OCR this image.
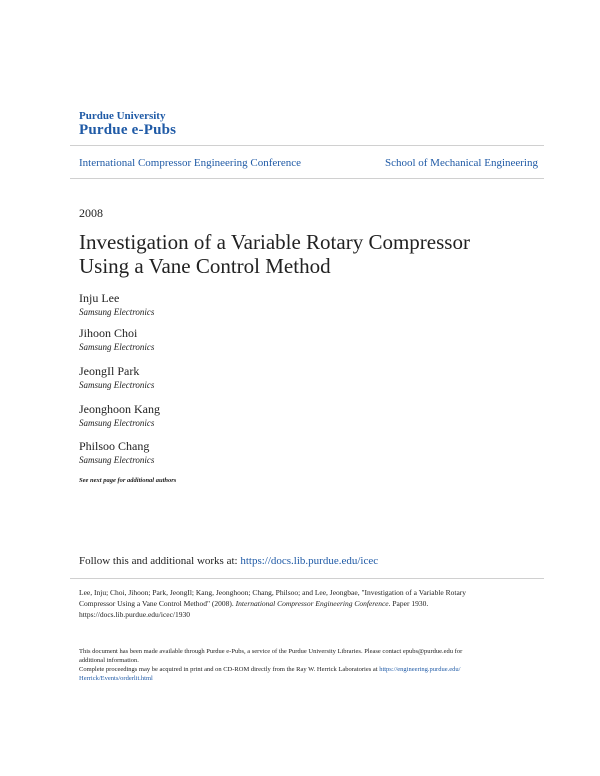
Purdue University
Purdue e-Pubs
International Compressor Engineering Conference	School of Mechanical Engineering
2008
Investigation of a Variable Rotary Compressor
Using a Vane Control Method
Inju Lee
Samsung Electronics
Jihoon Choi
Samsung Electronics
JeongIl Park
Samsung Electronics
Jeonghoon Kang
Samsung Electronics
Philsoo Chang
Samsung Electronics
See next page for additional authors
Follow this and additional works at: https://docs.lib.purdue.edu/icec
Lee, Inju; Choi, Jihoon; Park, JeongIl; Kang, Jeonghoon; Chang, Philsoo; and Lee, Jeongbae, "Investigation of a Variable Rotary
Compressor Using a Vane Control Method" (2008). International Compressor Engineering Conference. Paper 1930.
https://docs.lib.purdue.edu/icec/1930
This document has been made available through Purdue e-Pubs, a service of the Purdue University Libraries. Please contact epubs@purdue.edu for
additional information.
Complete proceedings may be acquired in print and on CD-ROM directly from the Ray W. Herrick Laboratories at https://engineering.purdue.edu/
Herrick/Events/orderlit.html
